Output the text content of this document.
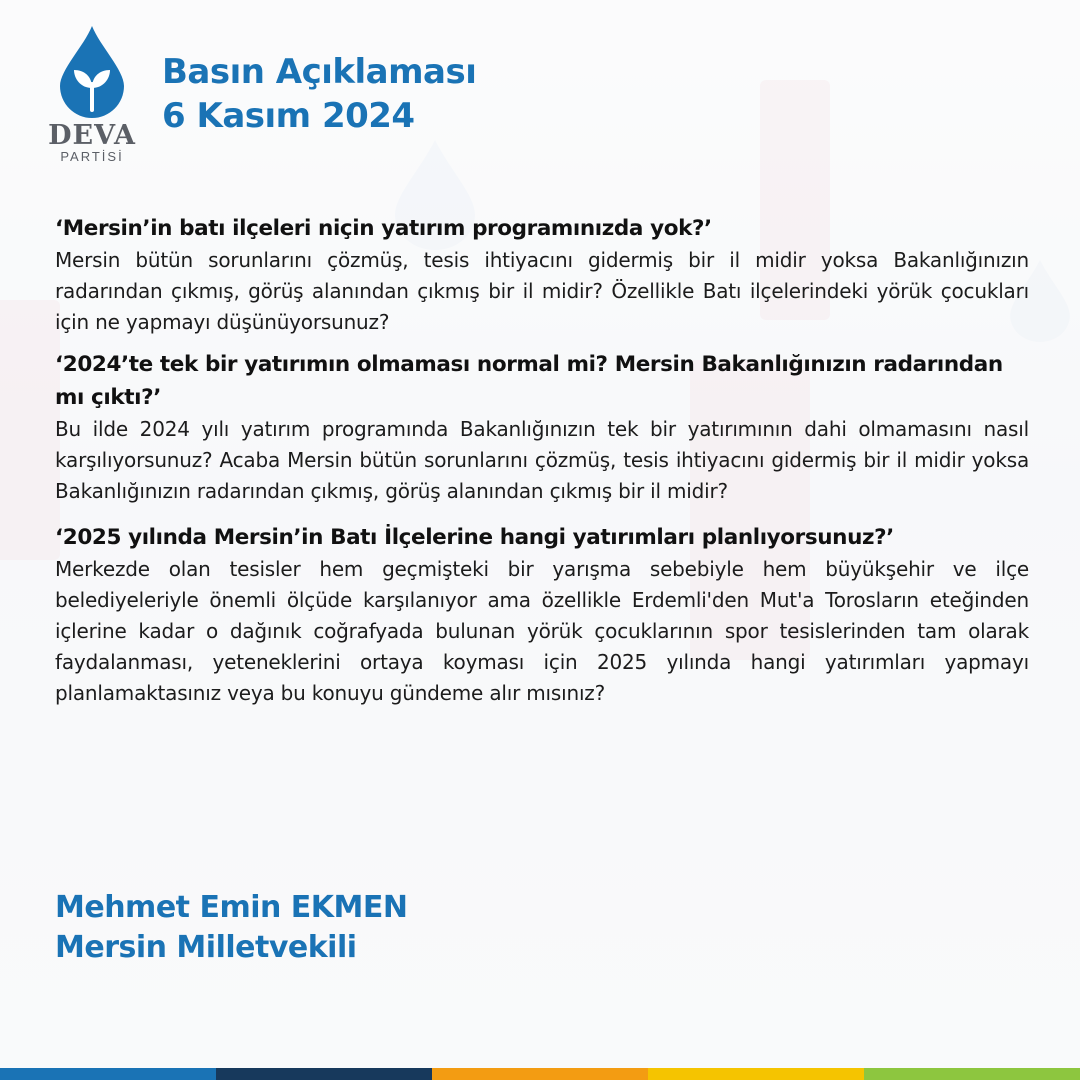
DEVA
PARTİSİ
Basın Açıklaması
6 Kasım 2024

‘Mersin’in batı ilçeleri niçin yatırım programınızda yok?’

Mersin bütün sorunlarını çözmüş, tesis ihtiyacını gidermiş bir il midir yoksa Bakanlığınızın radarından çıkmış, görüş alanından çıkmış bir il midir? Özellikle Batı ilçelerindeki yörük çocukları için ne yapmayı düşünüyorsunuz?

‘2024’te tek bir yatırımın olmaması normal mi? Mersin Bakanlığınızın radarından mı çıktı?’

Bu ilde 2024 yılı yatırım programında Bakanlığınızın tek bir yatırımının dahi olmamasını nasıl karşılıyorsunuz? Acaba Mersin bütün sorunlarını çözmüş, tesis ihtiyacını gidermiş bir il midir yoksa Bakanlığınızın radarından çıkmış, görüş alanından çıkmış bir il midir?

‘2025 yılında Mersin’in Batı İlçelerine hangi yatırımları planlıyorsunuz?’

Merkezde olan tesisler hem geçmişteki bir yarışma sebebiyle hem büyükşehir ve ilçe belediyeleriyle önemli ölçüde karşılanıyor ama özellikle Erdemli'den Mut'a Torosların eteğinden içlerine kadar o dağınık coğrafyada bulunan yörük çocuklarının spor tesislerinden tam olarak faydalanması, yeteneklerini ortaya koyması için 2025 yılında hangi yatırımları yapmayı planlamaktasınız veya bu konuyu gündeme alır mısınız?

Mehmet Emin EKMEN
Mersin Milletvekili
